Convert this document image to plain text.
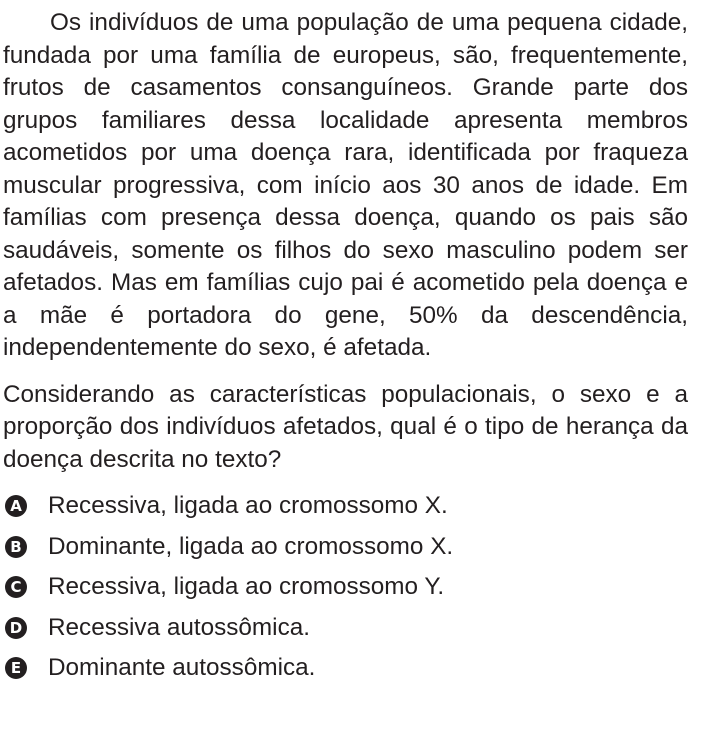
Os indivíduos de uma população de uma pequena cidade, fundada por uma família de europeus, são, frequentemente, frutos de casamentos consanguíneos. Grande parte dos grupos familiares dessa localidade apresenta membros acometidos por uma doença rara, identificada por fraqueza muscular progressiva, com início aos 30 anos de idade. Em famílias com presença dessa doença, quando os pais são saudáveis, somente os filhos do sexo masculino podem ser afetados. Mas em famílias cujo pai é acometido pela doença e a mãe é portadora do gene, 50% da descendência, independentemente do sexo, é afetada.

Considerando as características populacionais, o sexo e a proporção dos indivíduos afetados, qual é o tipo de herança da doença descrita no texto?

A Recessiva, ligada ao cromossomo X.
B Dominante, ligada ao cromossomo X.
C Recessiva, ligada ao cromossomo Y.
D Recessiva autossômica.
E Dominante autossômica.
